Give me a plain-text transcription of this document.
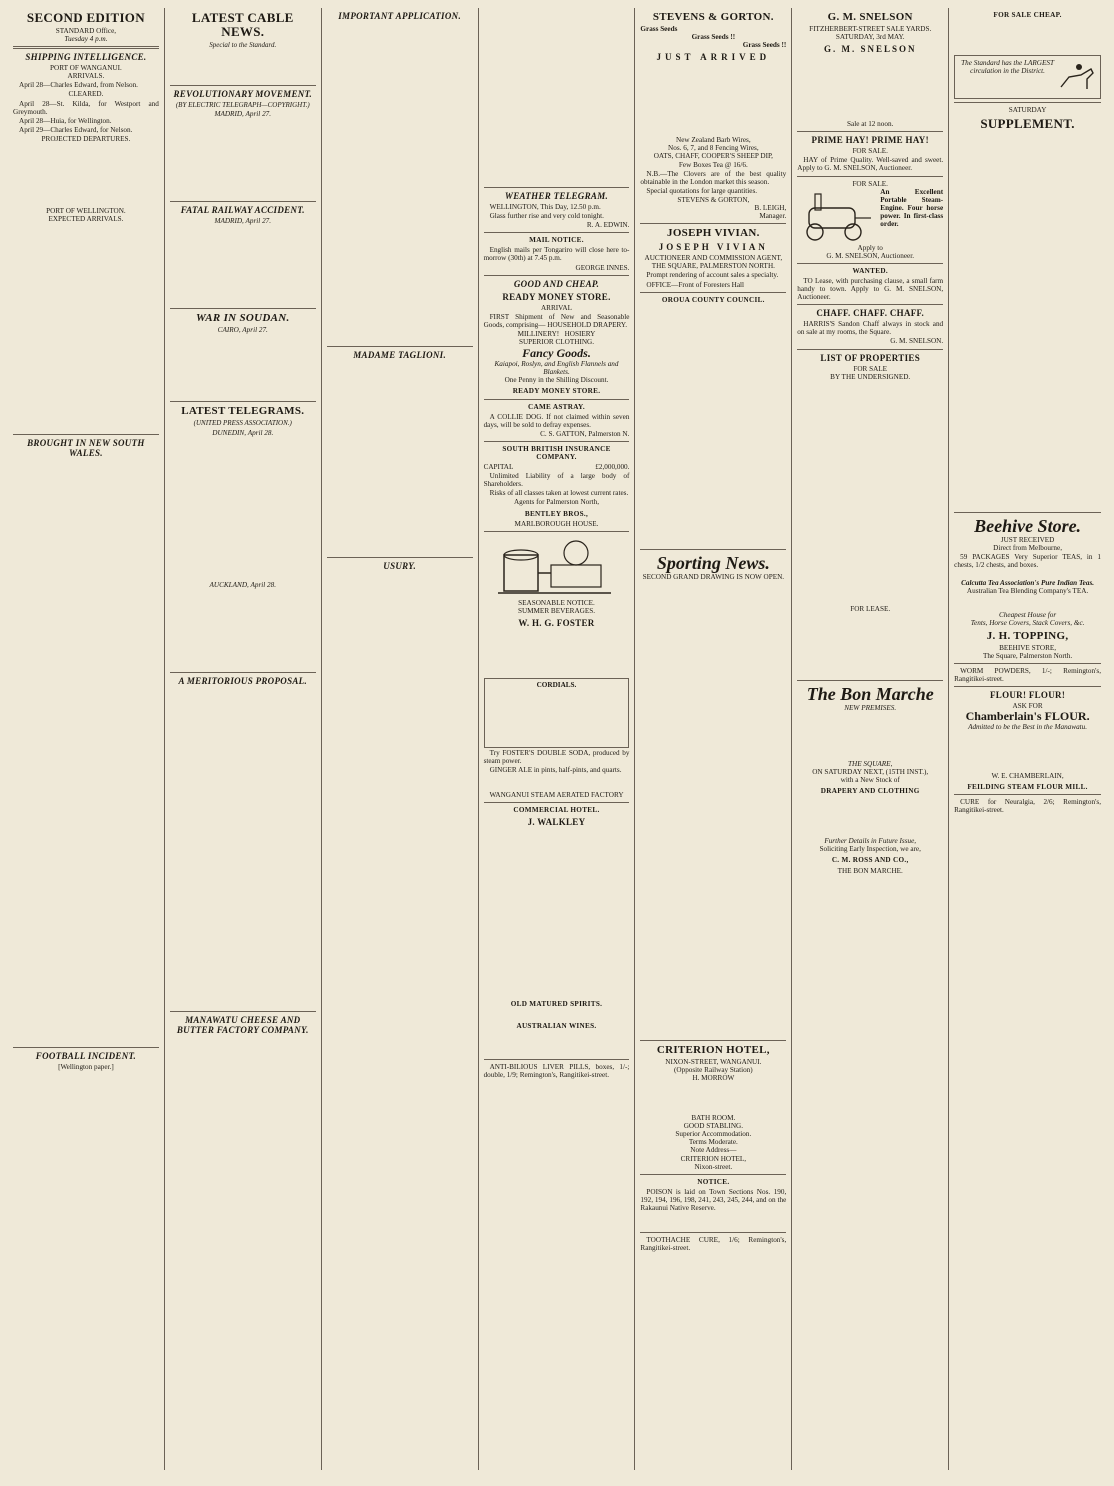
SECOND EDITION
STANDARD Office,
Tuesday 4 p.m.
SHIPPING INTELLIGENCE.
PORT OF WANGANUI.
ARRIVALS.

April 28—Charles Edward, from Nelson.

CLEARED.

April 28—St. Kilda, for Westport and Greymouth.

April 28—Huia, for Wellington.

April 29—Charles Edward, for Nelson.

PROJECTED DEPARTURES.
PORT OF WELLINGTON.
EXPECTED ARRIVALS.
BROUGHT IN NEW SOUTH WALES.
FOOTBALL INCIDENT.
[Wellington paper.]
LATEST CABLE NEWS.
Special to the Standard.
REVOLUTIONARY MOVEMENT.
(BY ELECTRIC TELEGRAPH—COPYRIGHT.)
MADRID, April 27.
FATAL RAILWAY ACCIDENT.
MADRID, April 27.
WAR IN SOUDAN.
CAIRO, April 27.
LATEST TELEGRAMS.
(UNITED PRESS ASSOCIATION.)
DUNEDIN, April 28.
AUCKLAND, April 28.
A MERITORIOUS PROPOSAL.
MANAWATU CHEESE AND BUTTER FACTORY COMPANY.
IMPORTANT APPLICATION.
MADAME TAGLIONI.
USURY.
WEATHER TELEGRAM.

WELLINGTON, This Day, 12.50 p.m.

Glass further rise and very cold tonight.

R. A. EDWIN.
MAIL NOTICE.

English mails per Tongariro will close here to-morrow (30th) at 7.45 p.m.

GEORGE INNES.
GOOD AND CHEAP.
READY MONEY STORE.
ARRIVAL

FIRST Shipment of New and Seasonable Goods, comprising— HOUSEHOLD DRAPERY.

MILLINERY! HOSIERY
SUPERIOR CLOTHING.
Fancy Goods.
Kaiapoi, Roslyn, and English Flannels and Blankets.
One Penny in the Shilling Discount.
READY MONEY STORE.
CAME ASTRAY.

A COLLIE DOG. If not claimed within seven days, will be sold to defray expenses.

C. S. GATTON, Palmerston N.
SOUTH BRITISH INSURANCE COMPANY.
CAPITAL	£2,000,000.

Unlimited Liability of a large body of Shareholders.

Risks of all classes taken at lowest current rates.

Agents for Palmerston North,
BENTLEY BROS.,
MARLBOROUGH HOUSE.
SEASONABLE NOTICE.
SUMMER BEVERAGES.
W. H. G. FOSTER
CORDIALS.

Try FOSTER'S DOUBLE SODA, produced by steam power.

GINGER ALE in pints, half-pints, and quarts.

WANGANUI STEAM AERATED FACTORY
COMMERCIAL HOTEL.
J. WALKLEY
OLD MATURED SPIRITS.
AUSTRALIAN WINES.

ANTI-BILIOUS LIVER PILLS, boxes, 1/-; double, 1/9; Remington's, Rangitikei-street.

STEVENS & GORTON.
Grass Seeds
Grass Seeds !!
Grass Seeds !!
JUST ARRIVED
New Zealand Barb Wires,
Nos. 6, 7, and 8 Fencing Wires,
OATS, CHAFF, COOPER'S SHEEP DIP,
Few Boxes Tea @ 16/6.

N.B.—The Clovers are of the best quality obtainable in the London market this season.

Special quotations for large quantities.

STEVENS & GORTON,
B. LEIGH,
Manager.
JOSEPH VIVIAN.
JOSEPH VIVIAN
AUCTIONEER AND COMMISSION AGENT,
THE SQUARE, PALMERSTON NORTH.

Prompt rendering of account sales a specialty.

OFFICE—Front of Foresters Hall

OROUA COUNTY COUNCIL.
Sporting News.
SECOND GRAND DRAWING IS NOW OPEN.
CRITERION HOTEL,
NIXON-STREET, WANGANUI.
(Opposite Railway Station)
H. MORROW
BATH ROOM.
GOOD STABLING.
Superior Accommodation.
Terms Moderate.
Note Address—
CRITERION HOTEL,
Nixon-street.
NOTICE.

POISON is laid on Town Sections Nos. 190, 192, 194, 196, 198, 241, 243, 245, 244, and on the Rakaunui Native Reserve.

TOOTHACHE CURE, 1/6; Remington's, Rangitikei-street.

G. M. SNELSON
FITZHERBERT-STREET SALE YARDS.
SATURDAY, 3rd MAY.
G. M. SNELSON
Sale at 12 noon.
PRIME HAY! PRIME HAY!
FOR SALE.

HAY of Prime Quality. Well-saved and sweet. Apply to G. M. SNELSON, Auctioneer.

FOR SALE.
An Excellent Portable Steam-Engine. Four horse power. In first-class order.
Apply to
G. M. SNELSON, Auctioneer.
WANTED.

TO Lease, with purchasing clause, a small farm handy to town. Apply to G. M. SNELSON, Auctioneer.

CHAFF. CHAFF. CHAFF.

HARRIS'S Sandon Chaff always in stock and on sale at my rooms, the Square.

G. M. SNELSON.
LIST OF PROPERTIES
FOR SALE
BY THE UNDERSIGNED.
FOR LEASE.
The Bon Marche
NEW PREMISES.
THE SQUARE,
ON SATURDAY NEXT, (15TH INST.),
with a New Stock of
DRAPERY AND CLOTHING
Further Details in Future Issue,
Soliciting Early Inspection, we are,
C. M. ROSS AND CO.,
THE BON MARCHE.
FOR SALE CHEAP.
The Standard has the LARGEST circulation in the District.
SATURDAY
SUPPLEMENT.
Beehive Store.
JUST RECEIVED
Direct from Melbourne,

59 PACKAGES Very Superior TEAS, in 1 chests, 1/2 chests, and boxes.

Calcutta Tea Association's Pure Indian Teas.
Australian Tea Blending Company's TEA.
Cheapest House for
Tents, Horse Covers, Stack Covers, &c.
J. H. TOPPING,
BEEHIVE STORE,
The Square, Palmerston North.

WORM POWDERS, 1/-; Remington's, Rangitikei-street.

FLOUR! FLOUR!
ASK FOR
Chamberlain's FLOUR.
Admitted to be the Best in the Manawatu.
W. E. CHAMBERLAIN,
FEILDING STEAM FLOUR MILL.

CURE for Neuralgia, 2/6; Remington's, Rangitikei-street.
